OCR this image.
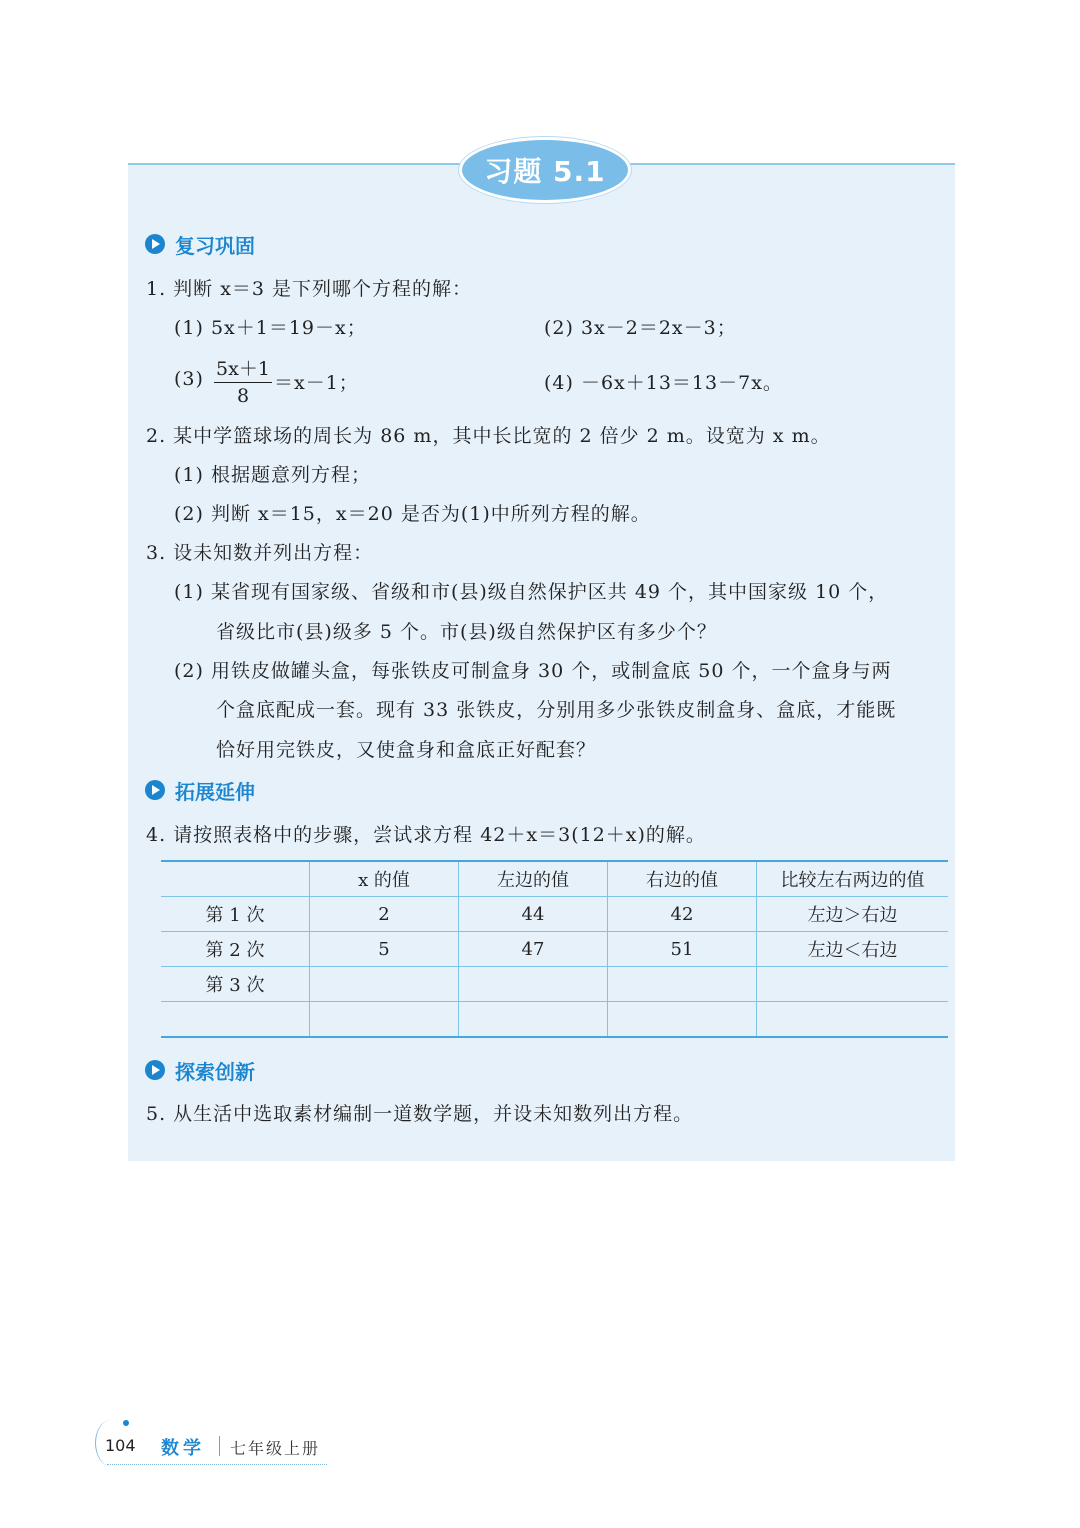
习题 5.1
复习巩固
1. 判断 x＝3 是下列哪个方程的解：
(1) 5x＋1＝19－x；	(2) 3x－2＝2x－3；
$(3) \frac{5x+1}{8} =x-1$；	(4) －6x＋13＝13－7x。
2. 某中学篮球场的周长为 86 m，其中长比宽的 2 倍少 2 m。设宽为 x m。
(1) 根据题意列方程；
(2) 判断 x＝15，x＝20 是否为(1)中所列方程的解。
3. 设未知数并列出方程：
(1) 某省现有国家级、省级和市(县)级自然保护区共 49 个，其中国家级 10 个，
省级比市(县)级多 5 个。市(县)级自然保护区有多少个？
(2) 用铁皮做罐头盒，每张铁皮可制盒身 30 个，或制盒底 50 个，一个盒身与两
个盒底配成一套。现有 33 张铁皮，分别用多少张铁皮制盒身、盒底，才能既
恰好用完铁皮，又使盒身和盒底正好配套？
拓展延伸
4. 请按照表格中的步骤，尝试求方程 42＋x＝3(12＋x)的解。
	x 的值	左边的值	右边的值	比较左右两边的值
第 1 次	2	44	42	左边＞右边
第 2 次	5	47	51	左边＜右边
第 3 次				

探索创新
5. 从生活中选取素材编制一道数学题，并设未知数列出方程。
104 数学 七年级上册
